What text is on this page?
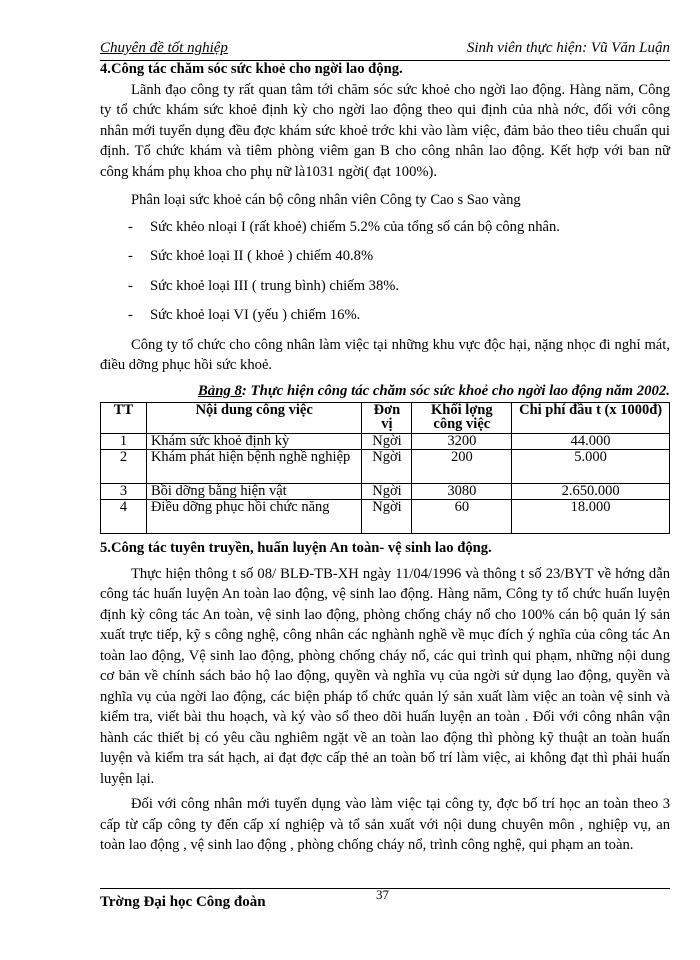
Chuyên đề tốt nghiệp	Sinh viên thực hiện: Vũ Văn Luận

4.Công tác chăm sóc sức khoẻ cho ngời lao động.

Lãnh đạo công ty rất quan tâm tới chăm sóc sức khoẻ cho ngời lao động. Hàng năm, Công ty tổ chức khám sức khoẻ định kỳ cho ngời lao động theo qui định của nhà nớc, đối với công nhân mới tuyển dụng đều đợc khám sức khoẻ trớc khi vào làm việc, đảm bảo theo tiêu chuẩn qui định. Tổ chức khám và tiêm phòng viêm gan B cho công nhân lao động. Kết hợp với ban nữ công khám phụ khoa cho phụ nữ là1031 ngời( đạt 100%).

Phân loại sức khoẻ cán bộ công nhân viên Công ty Cao s Sao vàng

- Sức khẻo nloại I (rất khoẻ) chiếm 5.2% của tổng số cán bộ công nhân.
- Sức khoẻ loại II ( khoẻ ) chiếm 40.8%
- Sức khoẻ loại III ( trung bình) chiếm 38%.
- Sức khoẻ loại VI (yếu ) chiếm 16%.

Công ty tổ chức cho công nhân làm việc tại những khu vực độc hại, nặng nhọc đi nghỉ mát, điều dỡng phục hồi sức khoẻ.

Bảng 8: Thực hiện công tác chăm sóc sức khoẻ cho ngời lao động năm 2002.

TT	Nội dung công việc	Đơn vị	Khối lợng công việc	Chi phí đầu t (x 1000đ)
1	Khám sức khoẻ định kỳ	Ngời	3200	44.000
2	Khám phát hiện bệnh nghề nghiệp	Ngời	200	5.000
3	Bồi dỡng bằng hiện vật	Ngời	3080	2.650.000
4	Điều dỡng phục hồi chức năng	Ngời	60	18.000

5.Công tác tuyên truyền, huấn luyện An toàn- vệ sinh lao động.

Thực hiện thông t số 08/ BLĐ-TB-XH ngày 11/04/1996 và thông t số 23/BYT về hớng dẫn công tác huấn luyện An toàn lao động, vệ sinh lao động. Hàng năm, Công ty tổ chức huấn luyện định kỳ công tác An toàn, vệ sinh lao động, phòng chống cháy nổ cho 100% cán bộ quản lý sản xuất trực tiếp, kỹ s công nghệ, công nhân các nghành nghề về mục đích ý nghĩa của công tác An toàn lao động, Vệ sinh lao động, phòng chống cháy nổ, các qui trình qui phạm, những nội dung cơ bản về chính sách bảo hộ lao động, quyền và nghĩa vụ của ngời sử dụng lao động, quyền và nghĩa vụ của ngời lao động, các biện pháp tổ chức quản lý sản xuất làm việc an toàn vệ sinh và kiểm tra, viết bài thu hoạch, và ký vào sổ theo dõi huấn luyện an toàn . Đối với công nhân vận hành các thiết bị có yêu cầu nghiêm ngặt về an toàn lao động thì phòng kỹ thuật an toàn huấn luyện và kiểm tra sát hạch, ai đạt đợc cấp thẻ an toàn bố trí làm việc, ai không đạt thì phải huấn luyện lại.

Đối với công nhân mới tuyển dụng vào làm việc tại công ty, đợc bố trí học an toàn theo 3 cấp từ cấp công ty đến cấp xí nghiệp và tổ sản xuất với nội dung chuyên môn , nghiệp vụ, an toàn lao động , vệ sinh lao động , phòng chống cháy nổ, trình công nghệ, qui phạm an toàn.

37
Trờng Đại học Công đoàn
